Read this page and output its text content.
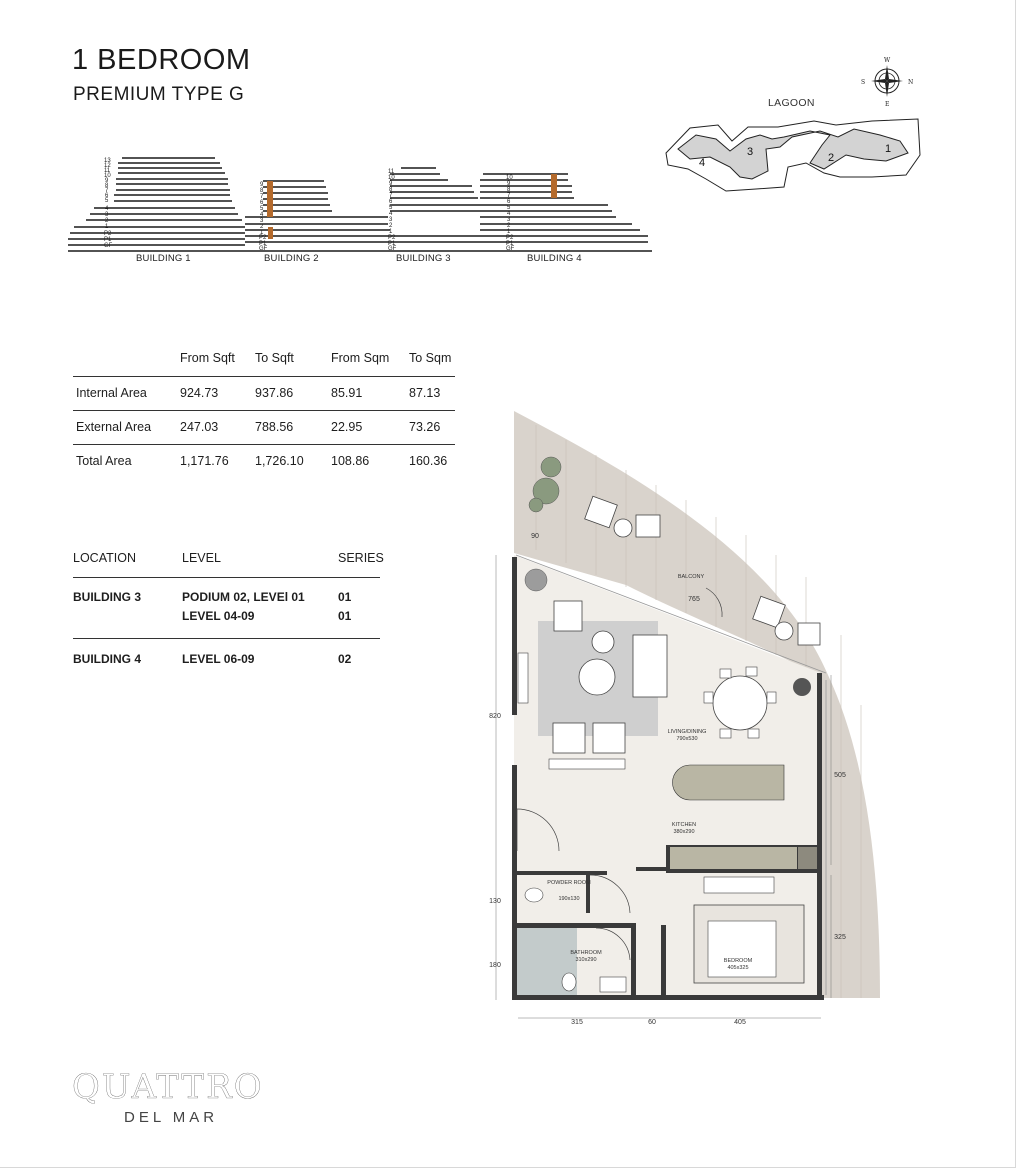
1 BEDROOM
PREMIUM TYPE G
13
12
11
10
9
8
7
6
5
4
3
2
1
P2
P1
GF
9
8
7
6
5
4
3
2
1
P2
P1
GF
11
10
9
8
7
6
5
4
3
2
1
P2
P1
GF
10
9
8
7
6
5
4
3
2
1
P2
P1
GF
BUILDING 1	BUILDING 2	BUILDING 3	BUILDING 4
W
S	N
E
LAGOON
4
3	2
1
	From Sqft	To Sqft	From Sqm	To Sqm
Internal Area	924.73	937.86	85.91	87.13
External Area	247.03	788.56	22.95	73.26
Total Area	1,171.76	1,726.10	108.86	160.36
LOCATION	LEVEL	SERIES
BUILDING 3	PODIUM 02, LEVEl 01	01
LEVEL 04-09	01
BUILDING 4	LEVEL 06-09	02
BALCONY
LIVING/DINING
790x530
KITCHEN
380x290
POWDER ROOM
190x130
BATHROOM
310x290	BEDROOM
405x325
90
765
820
505
130
180
325
315	60	405
QUATTRO
DEL MAR
